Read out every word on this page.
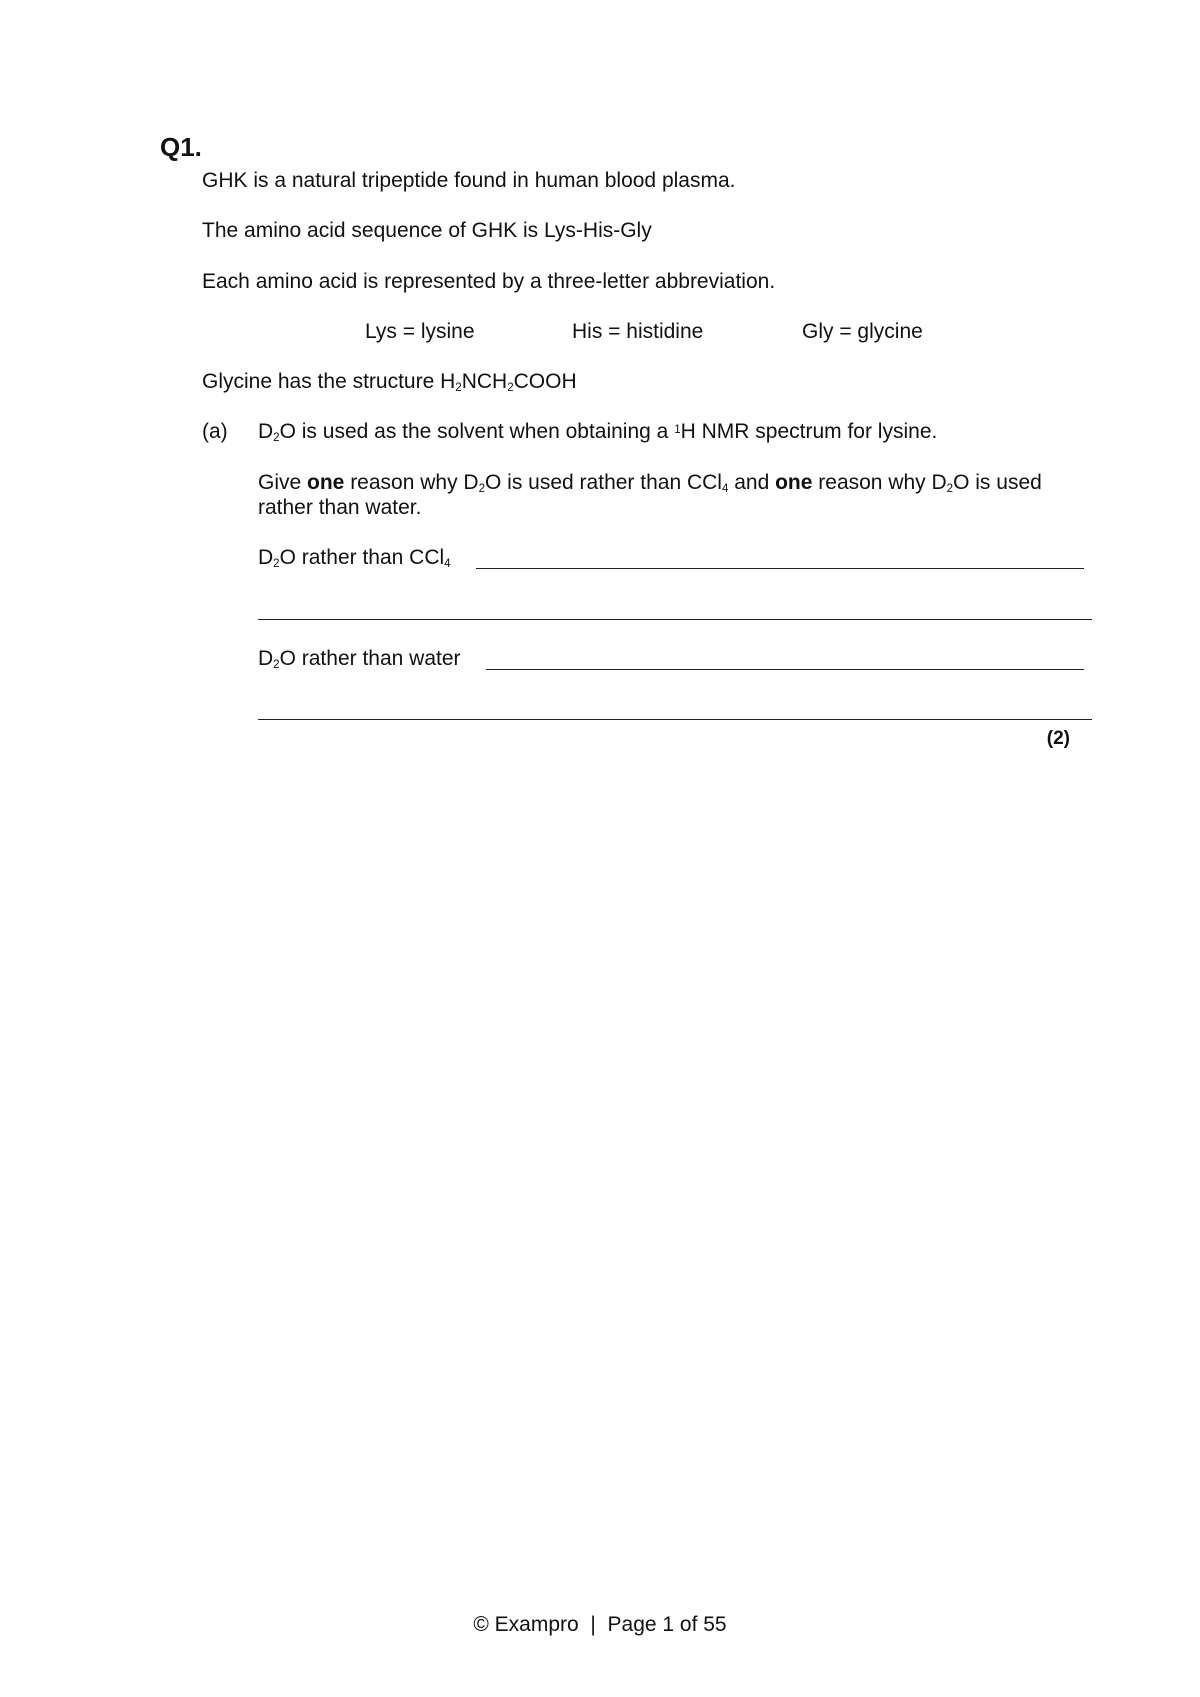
Q1.
GHK is a natural tripeptide found in human blood plasma.
The amino acid sequence of GHK is Lys-His-Gly
Each amino acid is represented by a three-letter abbreviation.
Lys = lysine	His = histidine	Gly = glycine
Glycine has the structure $H_2NCH_2COOH$
(a) $D_2O$ is used as the solvent when obtaining a $^1$H NMR spectrum for lysine.
Give one reason why $D_2O$ is used rather than CCl$_4$ and one reason why $D_2O$ is used
rather than water.
$D_2O$ rather than CCl$_4$
$D_2O$ rather than water
(2)
© Exampro | Page 1 of 55
